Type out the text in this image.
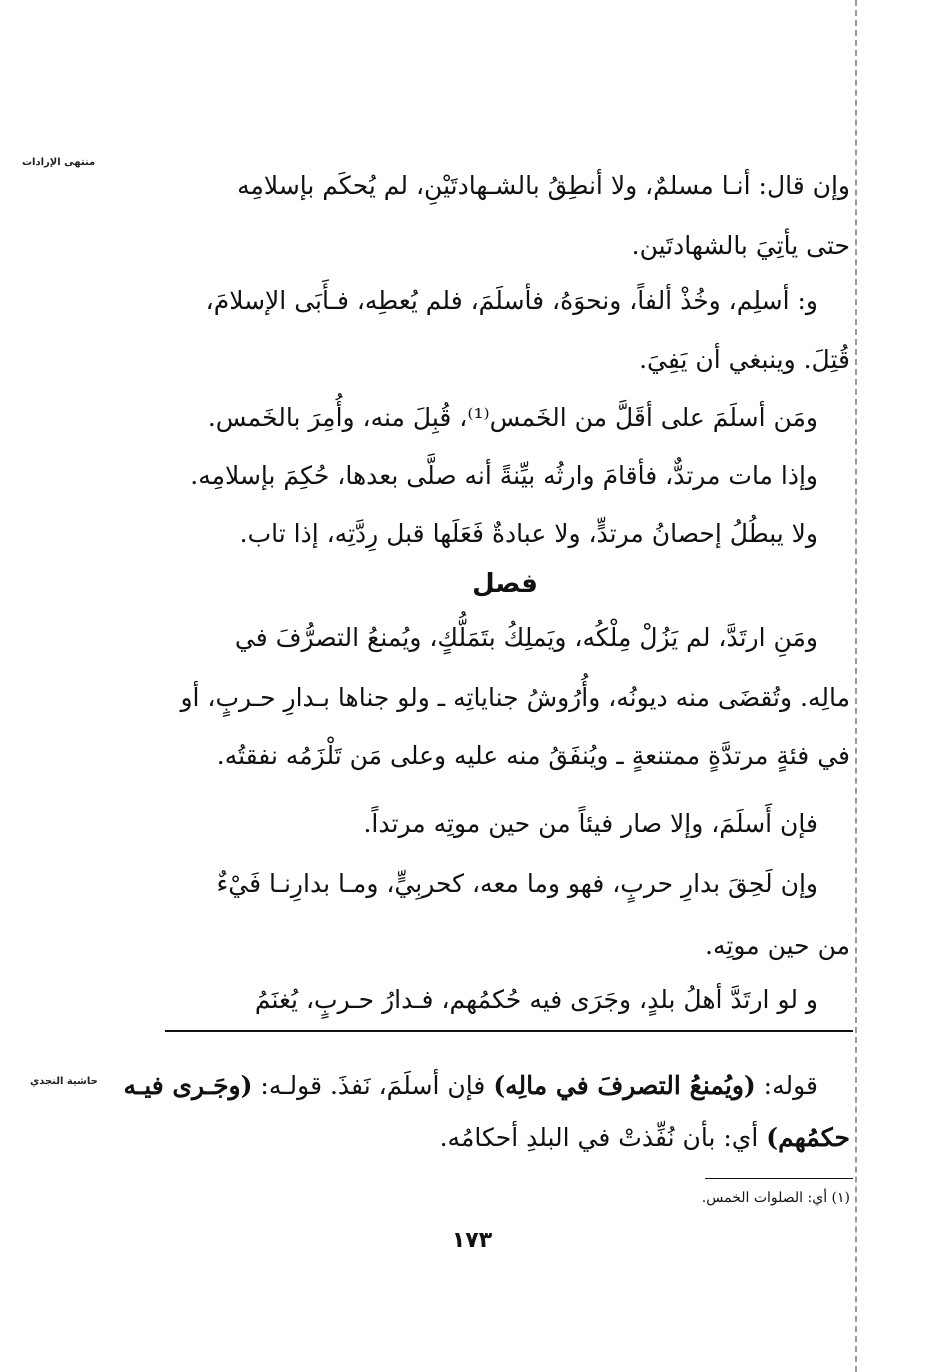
منتهى الإرادات
حاشية النجدي
وإن قال: أنـا مسلمٌ، ولا أنطِقُ بالشـهادتَيْنِ، لم يُحكَم بإسلامِه
حتى يأتِيَ بالشهادتَين.
و: أسلِم، وخُذْ ألفاً، ونحوَهُ، فأسلَمَ، فلم يُعطِه، فـأَبَى الإسلامَ،
قُتِلَ. وينبغي أن يَفِيَ.
ومَن أسلَمَ على أقَلَّ من الخَمس⁽¹⁾، قُبِلَ منه، وأُمِرَ بالخَمس.
وإذا مات مرتدٌّ، فأقامَ وارثُه بيِّنةً أنه صلَّى بعدها، حُكِمَ بإسلامِه.
ولا يبطُلُ إحصانُ مرتدٍّ، ولا عبادةٌ فَعَلَها قبل رِدَّتِه، إذا تاب.
فصل
ومَنِ ارتَدَّ، لم يَزُلْ مِلْكُه، ويَملِكُ بتَمَلُّكٍ، ويُمنعُ التصرُّفَ في
مالِه. وتُقضَى منه ديونُه، وأُرُوشُ جناياتِه ـ ولو جناها بـدارِ حـربٍ، أو
في فئةٍ مرتدَّةٍ ممتنعةٍ ـ ويُنفَقُ منه عليه وعلى مَن تَلْزَمُه نفقتُه.
فإن أَسلَمَ، وإلا صار فيئاً من حين موتِه مرتداً.
وإن لَحِقَ بدارِ حربٍ، فهو وما معه، كحربِيٍّ، ومـا بدارِنـا فَيْءٌ
من حين موتِه.
و لو ارتَدَّ أهلُ بلدٍ، وجَرَى فيه حُكمُهم، فـدارُ حـربٍ، يُغنَمُ
قوله: (ويُمنعُ التصرفَ في مالِه) فإن أسلَمَ، نَفذَ. قولـه: (وجَـرى فيـه
حكمُهم) أي: بأن نُفِّذتْ في البلدِ أحكامُه.
(١) أي: الصلوات الخمس.
١٧٣
